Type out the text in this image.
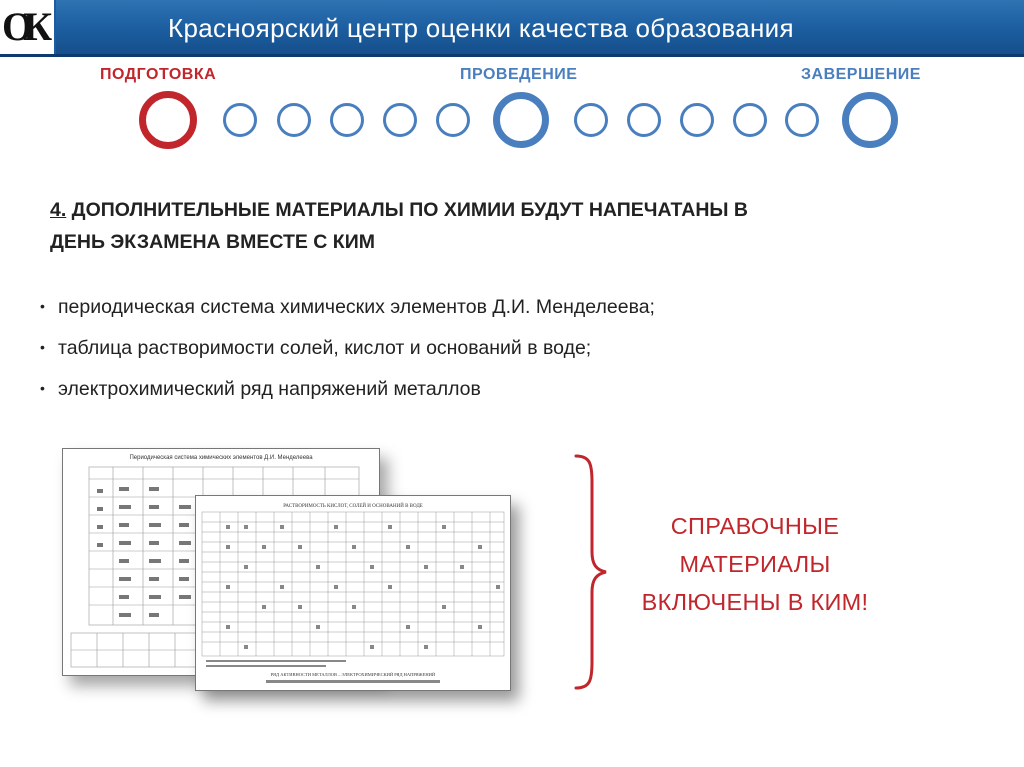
ОК	Красноярский центр оценки качества образования
ПОДГОТОВКА	ПРОВЕДЕНИЕ	ЗАВЕРШЕНИЕ
4. ДОПОЛНИТЕЛЬНЫЕ МАТЕРИАЛЫ ПО ХИМИИ БУДУТ НАПЕЧАТАНЫ В
ДЕНЬ ЭКЗАМЕНА ВМЕСТЕ С КИМ
• периодическая система химических элементов Д.И. Менделеева;
• таблица растворимости солей, кислот и оснований в воде;
• электрохимический ряд напряжений металлов
Периодическая система химических элементов Д.И. Менделеева
РАСТВОРИМОСТЬ КИСЛОТ, СОЛЕЙ И ОСНОВАНИЙ В ВОДЕ
РЯД АКТИВНОСТИ МЕТАЛЛОВ – ЭЛЕКТРОХИМИЧЕСКИЙ РЯД НАПРЯЖЕНИЙ
СПРАВОЧНЫЕ
МАТЕРИАЛЫ
ВКЛЮЧЕНЫ В КИМ!
